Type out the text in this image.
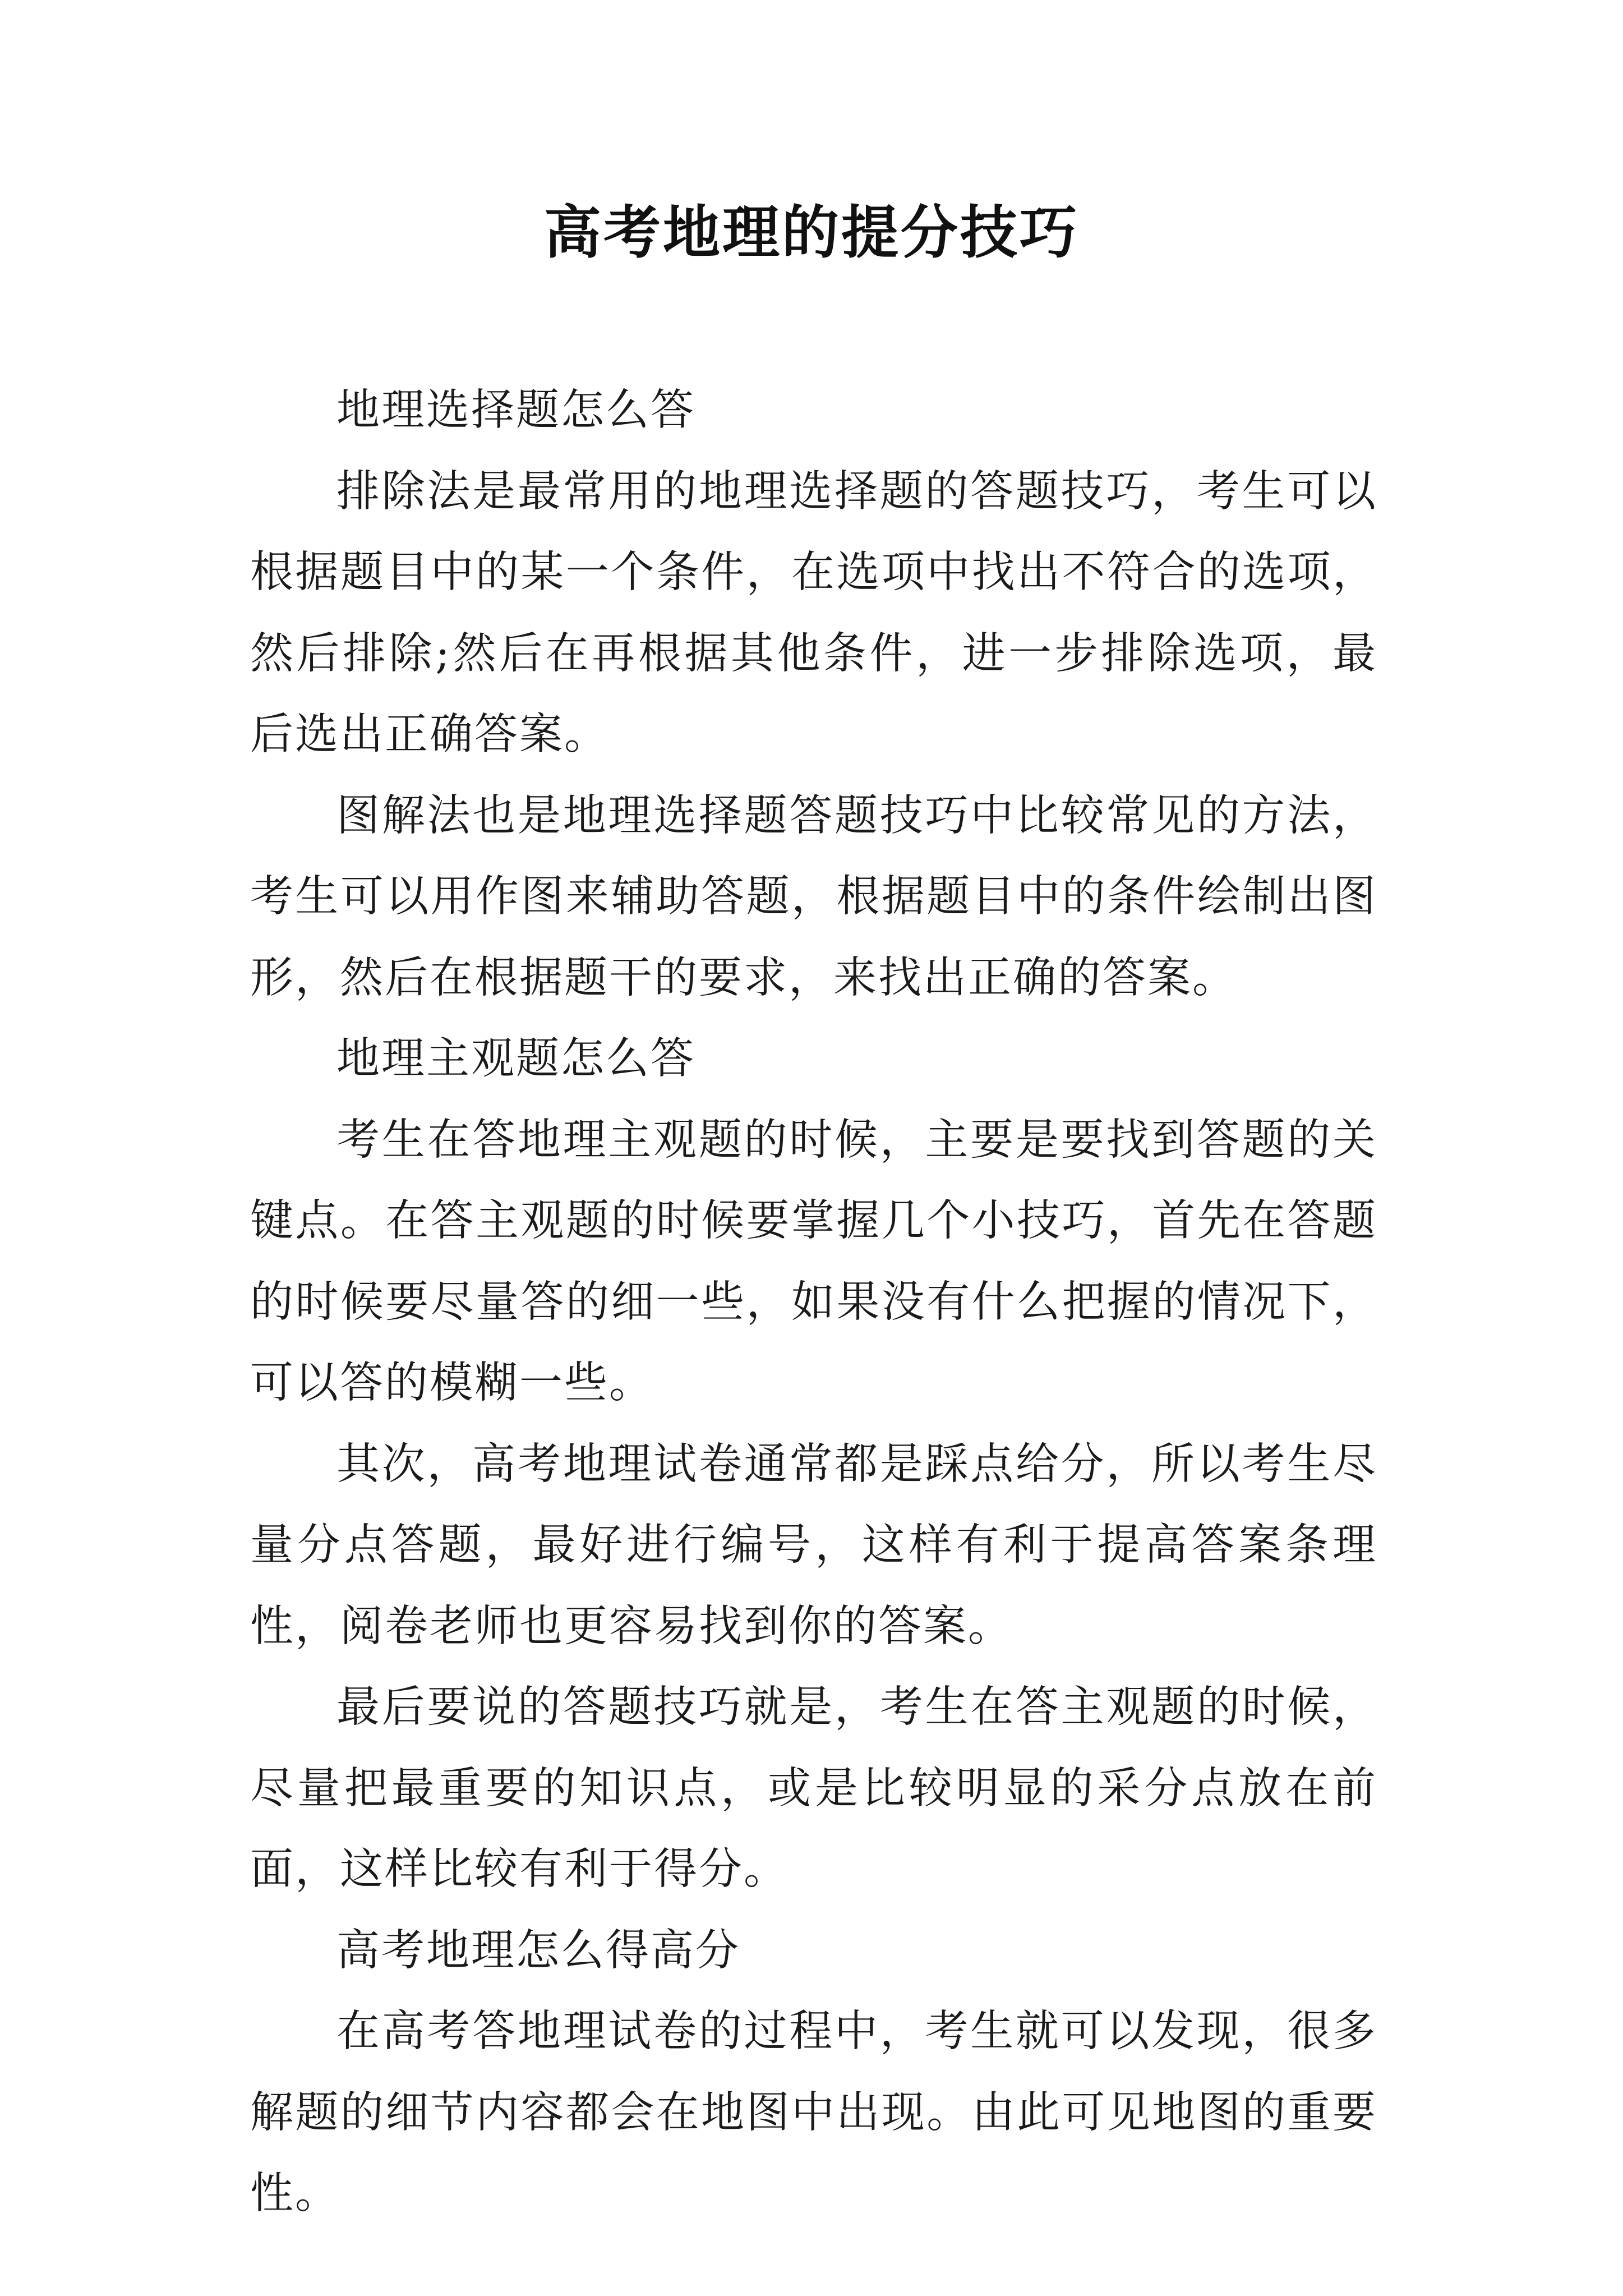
高考地理的提分技巧

地理选择题怎么答

排除法是最常用的地理选择题的答题技巧，考生可以根据题目中的某一个条件，在选项中找出不符合的选项，然后排除;然后在再根据其他条件，进一步排除选项，最后选出正确答案。

图解法也是地理选择题答题技巧中比较常见的方法，考生可以用作图来辅助答题，根据题目中的条件绘制出图形，然后在根据题干的要求，来找出正确的答案。

地理主观题怎么答

考生在答地理主观题的时候，主要是要找到答题的关键点。在答主观题的时候要掌握几个小技巧，首先在答题的时候要尽量答的细一些，如果没有什么把握的情况下，可以答的模糊一些。

其次，高考地理试卷通常都是踩点给分，所以考生尽量分点答题，最好进行编号，这样有利于提高答案条理性，阅卷老师也更容易找到你的答案。

最后要说的答题技巧就是，考生在答主观题的时候，尽量把最重要的知识点，或是比较明显的采分点放在前面，这样比较有利于得分。

高考地理怎么得高分

在高考答地理试卷的过程中，考生就可以发现，很多解题的细节内容都会在地图中出现。由此可见地图的重要性。
